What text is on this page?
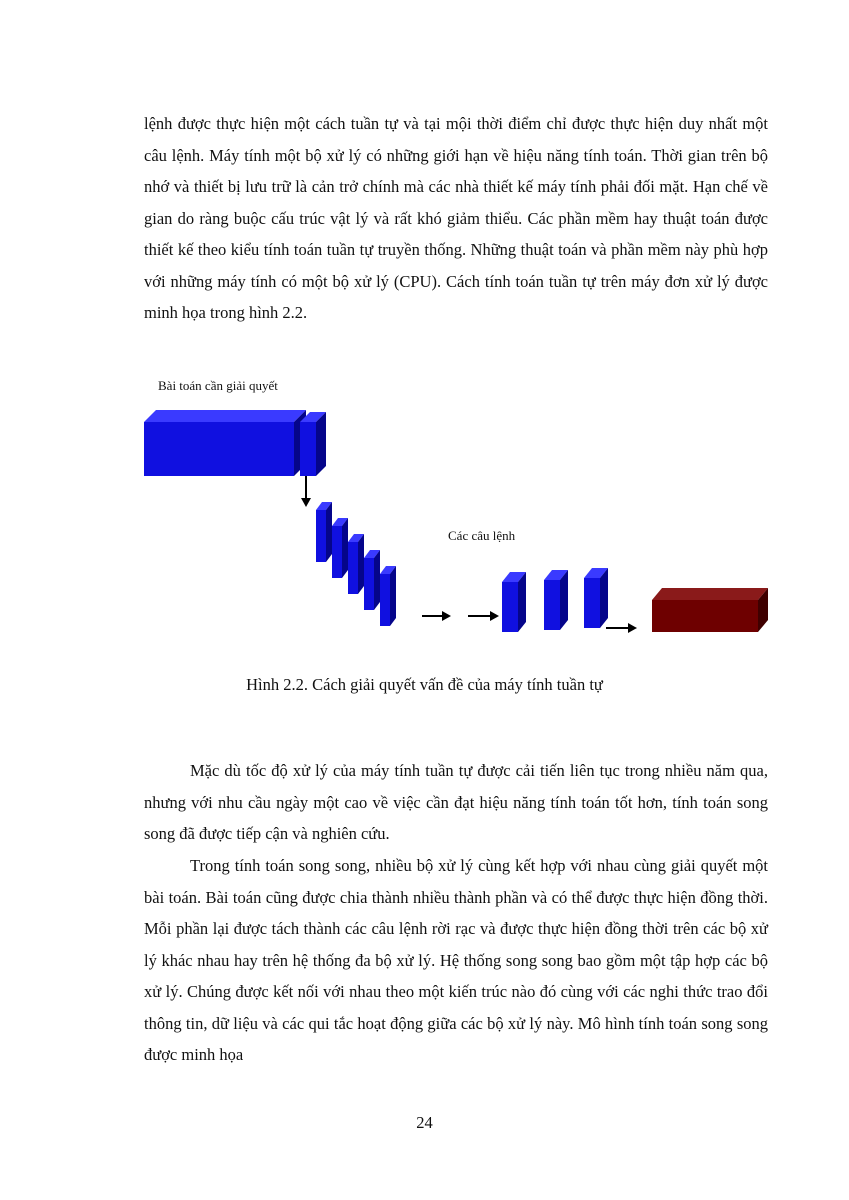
lệnh được thực hiện một cách tuần tự và tại mội thời điểm chỉ được thực hiện duy nhất một câu lệnh. Máy tính một bộ xử lý có những giới hạn về hiệu năng tính toán. Thời gian trên bộ nhớ và thiết bị lưu trữ là cản trở chính mà các nhà thiết kế máy tính phải đối mặt. Hạn chế về gian do ràng buộc cấu trúc vật lý và rất khó giảm thiểu. Các phần mềm hay thuật toán được thiết kế theo kiểu tính toán tuần tự truyền thống. Những thuật toán và phần mềm này phù hợp với những máy tính có một bộ xử lý (CPU). Cách tính toán tuần tự trên máy đơn xử lý được minh họa trong hình 2.2.

Bài toán cần giải quyết
Các câu lệnh
Hình 2.2. Cách giải quyết vấn đề của máy tính tuần tự

Mặc dù tốc độ xử lý của máy tính tuần tự được cải tiến liên tục trong nhiều năm qua, nhưng với nhu cầu ngày một cao về việc cần đạt hiệu năng tính toán tốt hơn, tính toán song song đã được tiếp cận và nghiên cứu.

Trong tính toán song song, nhiều bộ xử lý cùng kết hợp với nhau cùng giải quyết một bài toán. Bài toán cũng được chia thành nhiều thành phần và có thể được thực hiện đồng thời. Mỗi phần lại được tách thành các câu lệnh rời rạc và được thực hiện đồng thời trên các bộ xử lý khác nhau hay trên hệ thống đa bộ xử lý. Hệ thống song song bao gồm một tập hợp các bộ xử lý. Chúng được kết nối với nhau theo một kiến trúc nào đó cùng với các nghi thức trao đổi thông tin, dữ liệu và các qui tắc hoạt động giữa các bộ xử lý này. Mô hình tính toán song song được minh họa

24
